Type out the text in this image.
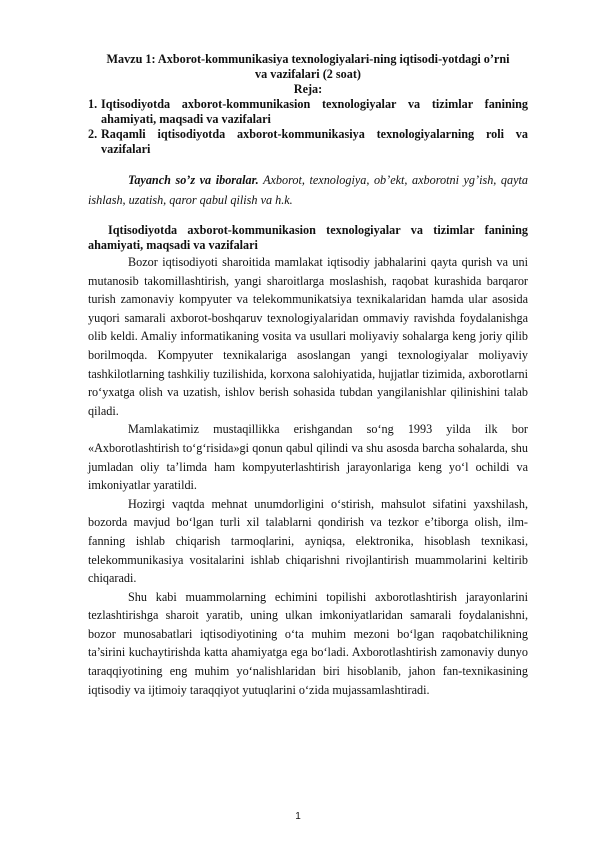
Mavzu 1: Axborot-kommunikasiya texnologiyalari-ning iqtisodi-yotdagi o’rni
va vazifalari (2 soat)

Reja:

1. Iqtisodiyotda axborot-kommunikasion texnologiyalar va tizimlar fanining ahamiyati, maqsadi va vazifalari
2. Raqamli iqtisodiyotda axborot-kommunikasiya texnologiyalarning roli va vazifalari

Tayanch so’z va iboralar. Axborot, texnologiya, ob’ekt, axborotni yg’ish, qayta ishlash, uzatish, qaror qabul qilish va h.k.

Iqtisodiyotda axborot-kommunikasion texnologiyalar va tizimlar fanining ahamiyati, maqsadi va vazifalari

Bozor iqtisodiyoti sharoitida mamlakat iqtisodiy jabhalarini qayta qurish va uni mutanosib takomillashtirish, yangi sharoitlarga moslashish, raqobat kurashida barqaror turish zamonaviy kompyuter va telekommunikatsiya texnikalaridan hamda ular asosida yuqori samarali axborot-boshqaruv texnologiyalaridan ommaviy ravishda foydalanishga olib keldi. Amaliy informatikaning vosita va usullari moliyaviy sohalarga keng joriy qilib borilmoqda. Kompyuter texnikalariga asoslangan yangi texnologiyalar moliyaviy tashkilotlarning tashkiliy tuzilishida, korxona salohiyatida, hujjatlar tizimida, axborotlarni ro‘yxatga olish va uzatish, ishlov berish sohasida tubdan yangilanishlar qilinishini talab qiladi.

Mamlakatimiz mustaqillikka erishgandan so‘ng 1993 yilda ilk bor «Axborotlashtirish to‘g‘risida»gi qonun qabul qilindi va shu asosda barcha sohalarda, shu jumladan oliy ta’limda ham kompyuterlashtirish jarayonlariga keng yo‘l ochildi va imkoniyatlar yaratildi.

Hozirgi vaqtda mehnat unumdorligini o‘stirish, mahsulot sifatini yaxshilash, bozorda mavjud bo‘lgan turli xil talablarni qondirish va tezkor e’tiborga olish, ilm-fanning ishlab chiqarish tarmoqlarini, ayniqsa, elektronika, hisoblash texnikasi, telekommunikasiya vositalarini ishlab chiqarishni rivojlantirish muammolarini keltirib chiqaradi.

Shu kabi muammolarning echimini topilishi axborotlashtirish jarayonlarini tezlashtirishga sharoit yaratib, uning ulkan imkoniyatlaridan samarali foydalanishni, bozor munosabatlari iqtisodiyotining o‘ta muhim mezoni bo‘lgan raqobatchilikning ta’sirini kuchaytirishda katta ahamiyatga ega bo‘ladi. Axborotlashtirish zamonaviy dunyo taraqqiyotining eng muhim yo‘nalishlaridan biri hisoblanib, jahon fan-texnikasining iqtisodiy va ijtimoiy taraqqiyot yutuqlarini o‘zida mujassamlashtiradi.

1
